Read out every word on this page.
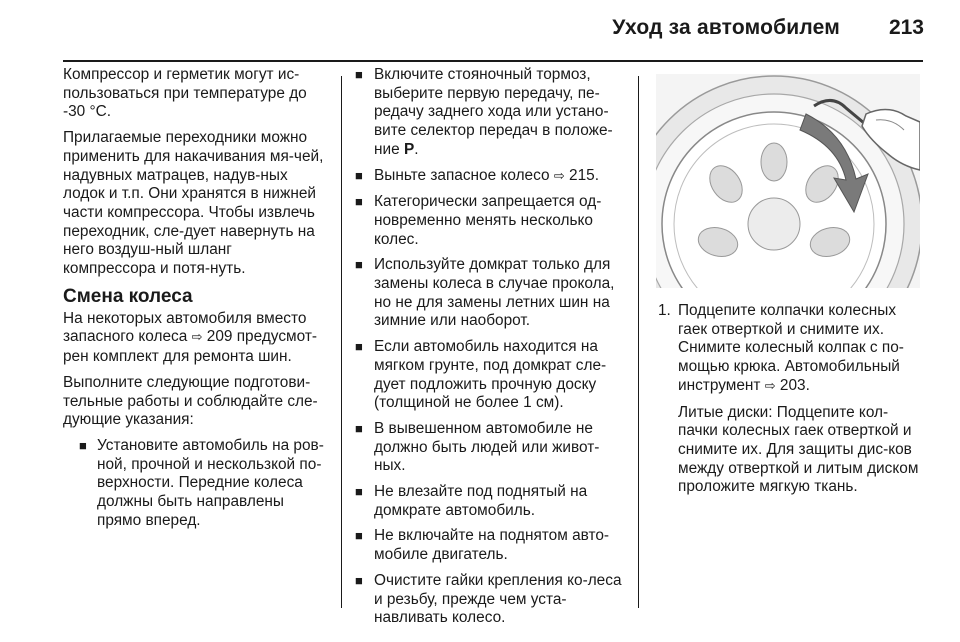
Уход за автомобилем	213

Компрессор и герметик могут ис-пользоваться при температуре до -30 °C.

Прилагаемые переходники можно применить для накачивания мя-чей, надувных матрацев, надув-ных лодок и т.п. Они хранятся в нижней части компрессора. Чтобы извлечь переходник, сле-дует навернуть на него воздуш-ный шланг компрессора и потя-нуть.

Смена колеса

На некоторых автомобиля вместо запасного колеса ⇨ 209 предусмот-рен комплект для ремонта шин.

Выполните следующие подготови-тельные работы и соблюдайте сле-дующие указания:

■ Установите автомобиль на ров-ной, прочной и нескользкой по-верхности. Передние колеса должны быть направлены прямо вперед.
■ Включите стояночный тормоз, выберите первую передачу, пе-редачу заднего хода или устано-вите селектор передач в положе-ние P.
■ Выньте запасное колесо ⇨ 215.
■ Категорически запрещается од-новременно менять несколько колес.
■ Используйте домкрат только для замены колеса в случае прокола, но не для замены летних шин на зимние или наоборот.
■ Если автомобиль находится на мягком грунте, под домкрат сле-дует подложить прочную доску (толщиной не более 1 см).
■ В вывешенном автомобиле не должно быть людей или живот-ных.
■ Не влезайте под поднятый на домкрате автомобиль.
■ Не включайте на поднятом авто-мобиле двигатель.
■ Очистите гайки крепления ко-леса и резьбу, прежде чем уста-навливать колесо.
1. Подцепите колпачки колесных гаек отверткой и снимите их. Снимите колесный колпак с по-мощью крюка. Автомобильный инструмент ⇨ 203.

Литые диски: Подцепите кол-пачки колесных гаек отверткой и снимите их. Для защиты дис-ков между отверткой и литым диском проложите мягкую ткань.
